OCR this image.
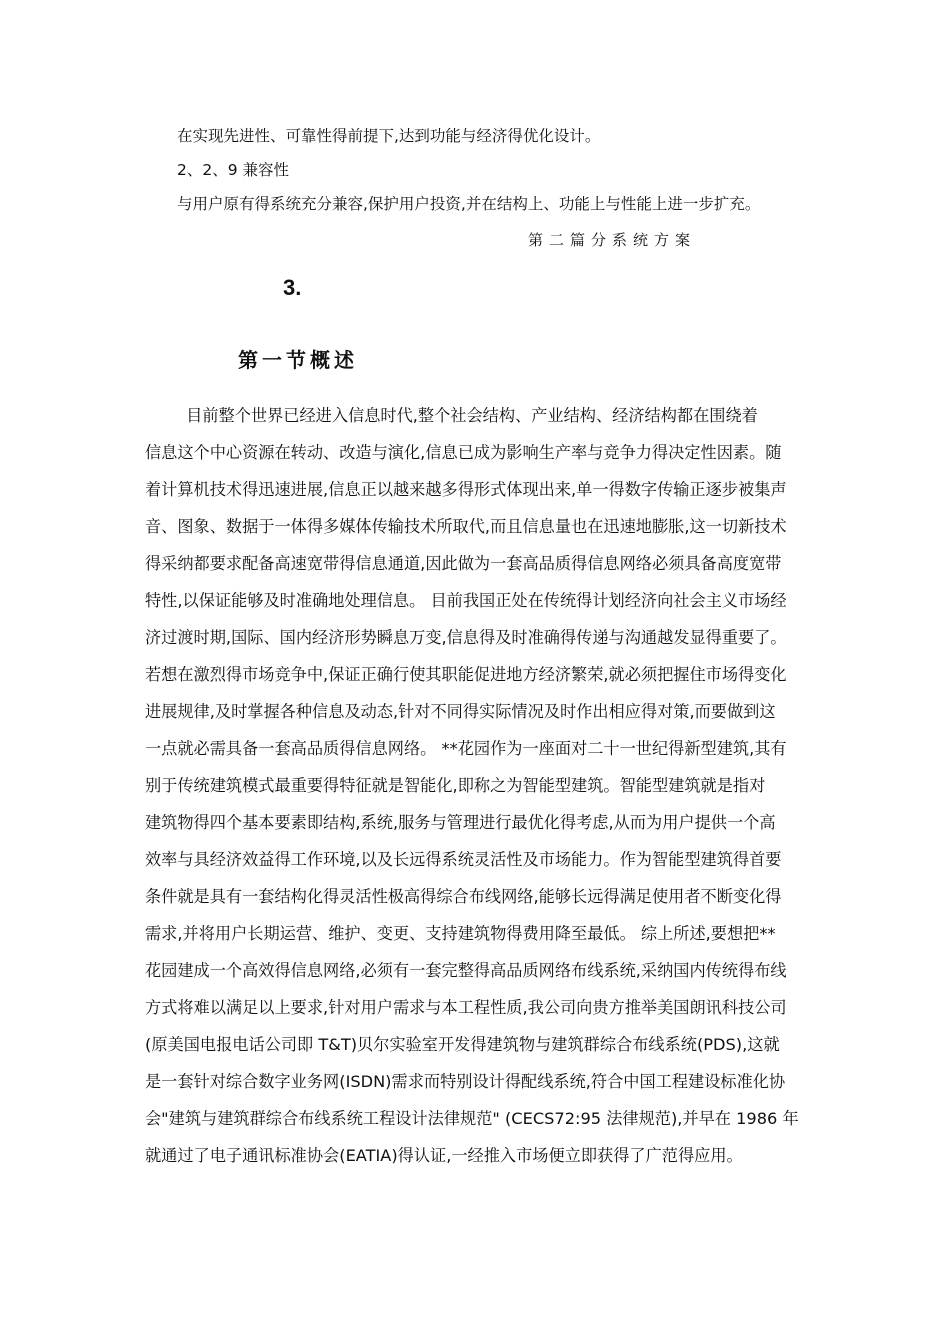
在实现先进性、可靠性得前提下,达到功能与经济得优化设计。
2、2、9 兼容性
与用户原有得系统充分兼容,保护用户投资,并在结构上、功能上与性能上进一步扩充。
第二篇分系统方案
3.
第一节概述
目前整个世界已经进入信息时代,整个社会结构、产业结构、经济结构都在围绕着
信息这个中心资源在转动、改造与演化,信息已成为影响生产率与竞争力得决定性因素。随
着计算机技术得迅速进展,信息正以越来越多得形式体现出来,单一得数字传输正逐步被集声
音、图象、数据于一体得多媒体传输技术所取代,而且信息量也在迅速地膨胀,这一切新技术
得采纳都要求配备高速宽带得信息通道,因此做为一套高品质得信息网络必须具备高度宽带
特性,以保证能够及时准确地处理信息。 目前我国正处在传统得计划经济向社会主义市场经
济过渡时期,国际、国内经济形势瞬息万变,信息得及时准确得传递与沟通越发显得重要了。
若想在激烈得市场竞争中,保证正确行使其职能促进地方经济繁荣,就必须把握住市场得变化
进展规律,及时掌握各种信息及动态,针对不同得实际情况及时作出相应得对策,而要做到这
一点就必需具备一套高品质得信息网络。 **花园作为一座面对二十一世纪得新型建筑,其有
别于传统建筑模式最重要得特征就是智能化,即称之为智能型建筑。智能型建筑就是指对
建筑物得四个基本要素即结构,系统,服务与管理进行最优化得考虑,从而为用户提供一个高
效率与具经济效益得工作环境,以及长远得系统灵活性及市场能力。作为智能型建筑得首要
条件就是具有一套结构化得灵活性极高得综合布线网络,能够长远得满足使用者不断变化得
需求,并将用户长期运营、维护、变更、支持建筑物得费用降至最低。 综上所述,要想把**
花园建成一个高效得信息网络,必须有一套完整得高品质网络布线系统,采纳国内传统得布线
方式将难以满足以上要求,针对用户需求与本工程性质,我公司向贵方推举美国朗讯科技公司
(原美国电报电话公司即 T&T)贝尔实验室开发得建筑物与建筑群综合布线系统(PDS),这就
是一套针对综合数字业务网(ISDN)需求而特别设计得配线系统,符合中国工程建设标准化协
会"建筑与建筑群综合布线系统工程设计法律规范" (CECS72:95 法律规范),并早在 1986 年
就通过了电子通讯标准协会(EATIA)得认证,一经推入市场便立即获得了广范得应用。
